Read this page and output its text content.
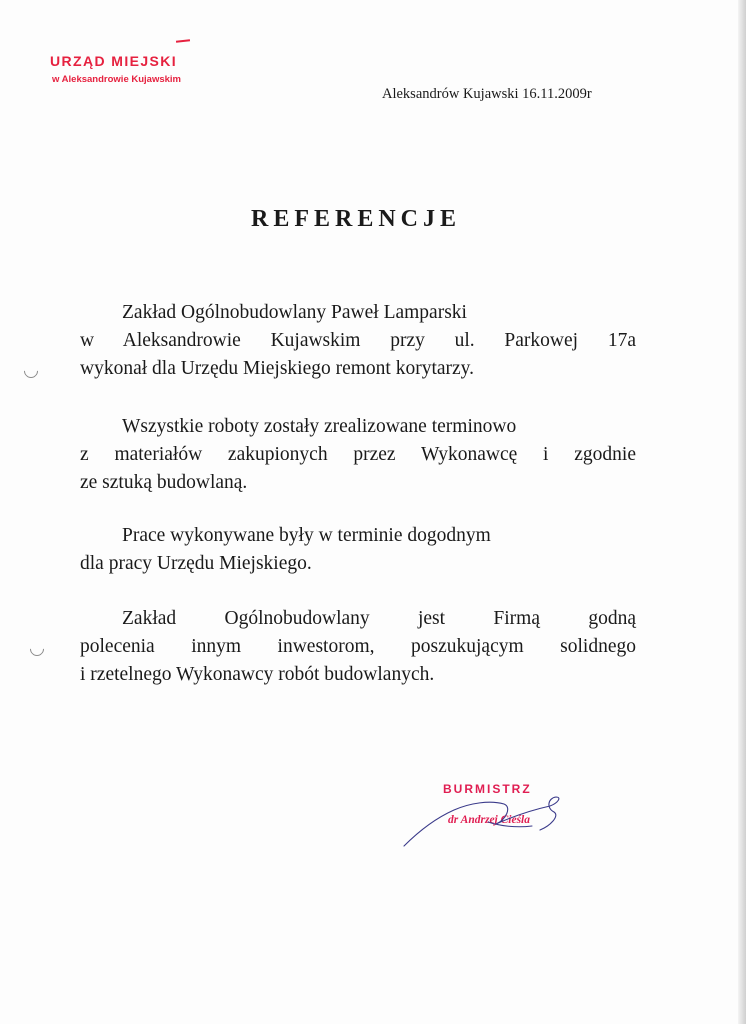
URZĄD MIEJSKI
w Aleksandrowie Kujawskim
Aleksandrów Kujawski 16.11.2009r
REFERENCJE
Zakład Ogólnobudowlany Paweł Lamparski
w Aleksandrowie Kujawskim przy ul. Parkowej 17a
wykonał dla Urzędu Miejskiego remont korytarzy.
Wszystkie roboty zostały zrealizowane terminowo
z materiałów zakupionych przez Wykonawcę i zgodnie
ze sztuką budowlaną.
Prace wykonywane były w terminie dogodnym
dla pracy Urzędu Miejskiego.
Zakład Ogólnobudowlany jest Firmą godną
polecenia innym inwestorom, poszukującym solidnego
i rzetelnego Wykonawcy robót budowlanych.
BURMISTRZ
dr Andrzej Cieśla
